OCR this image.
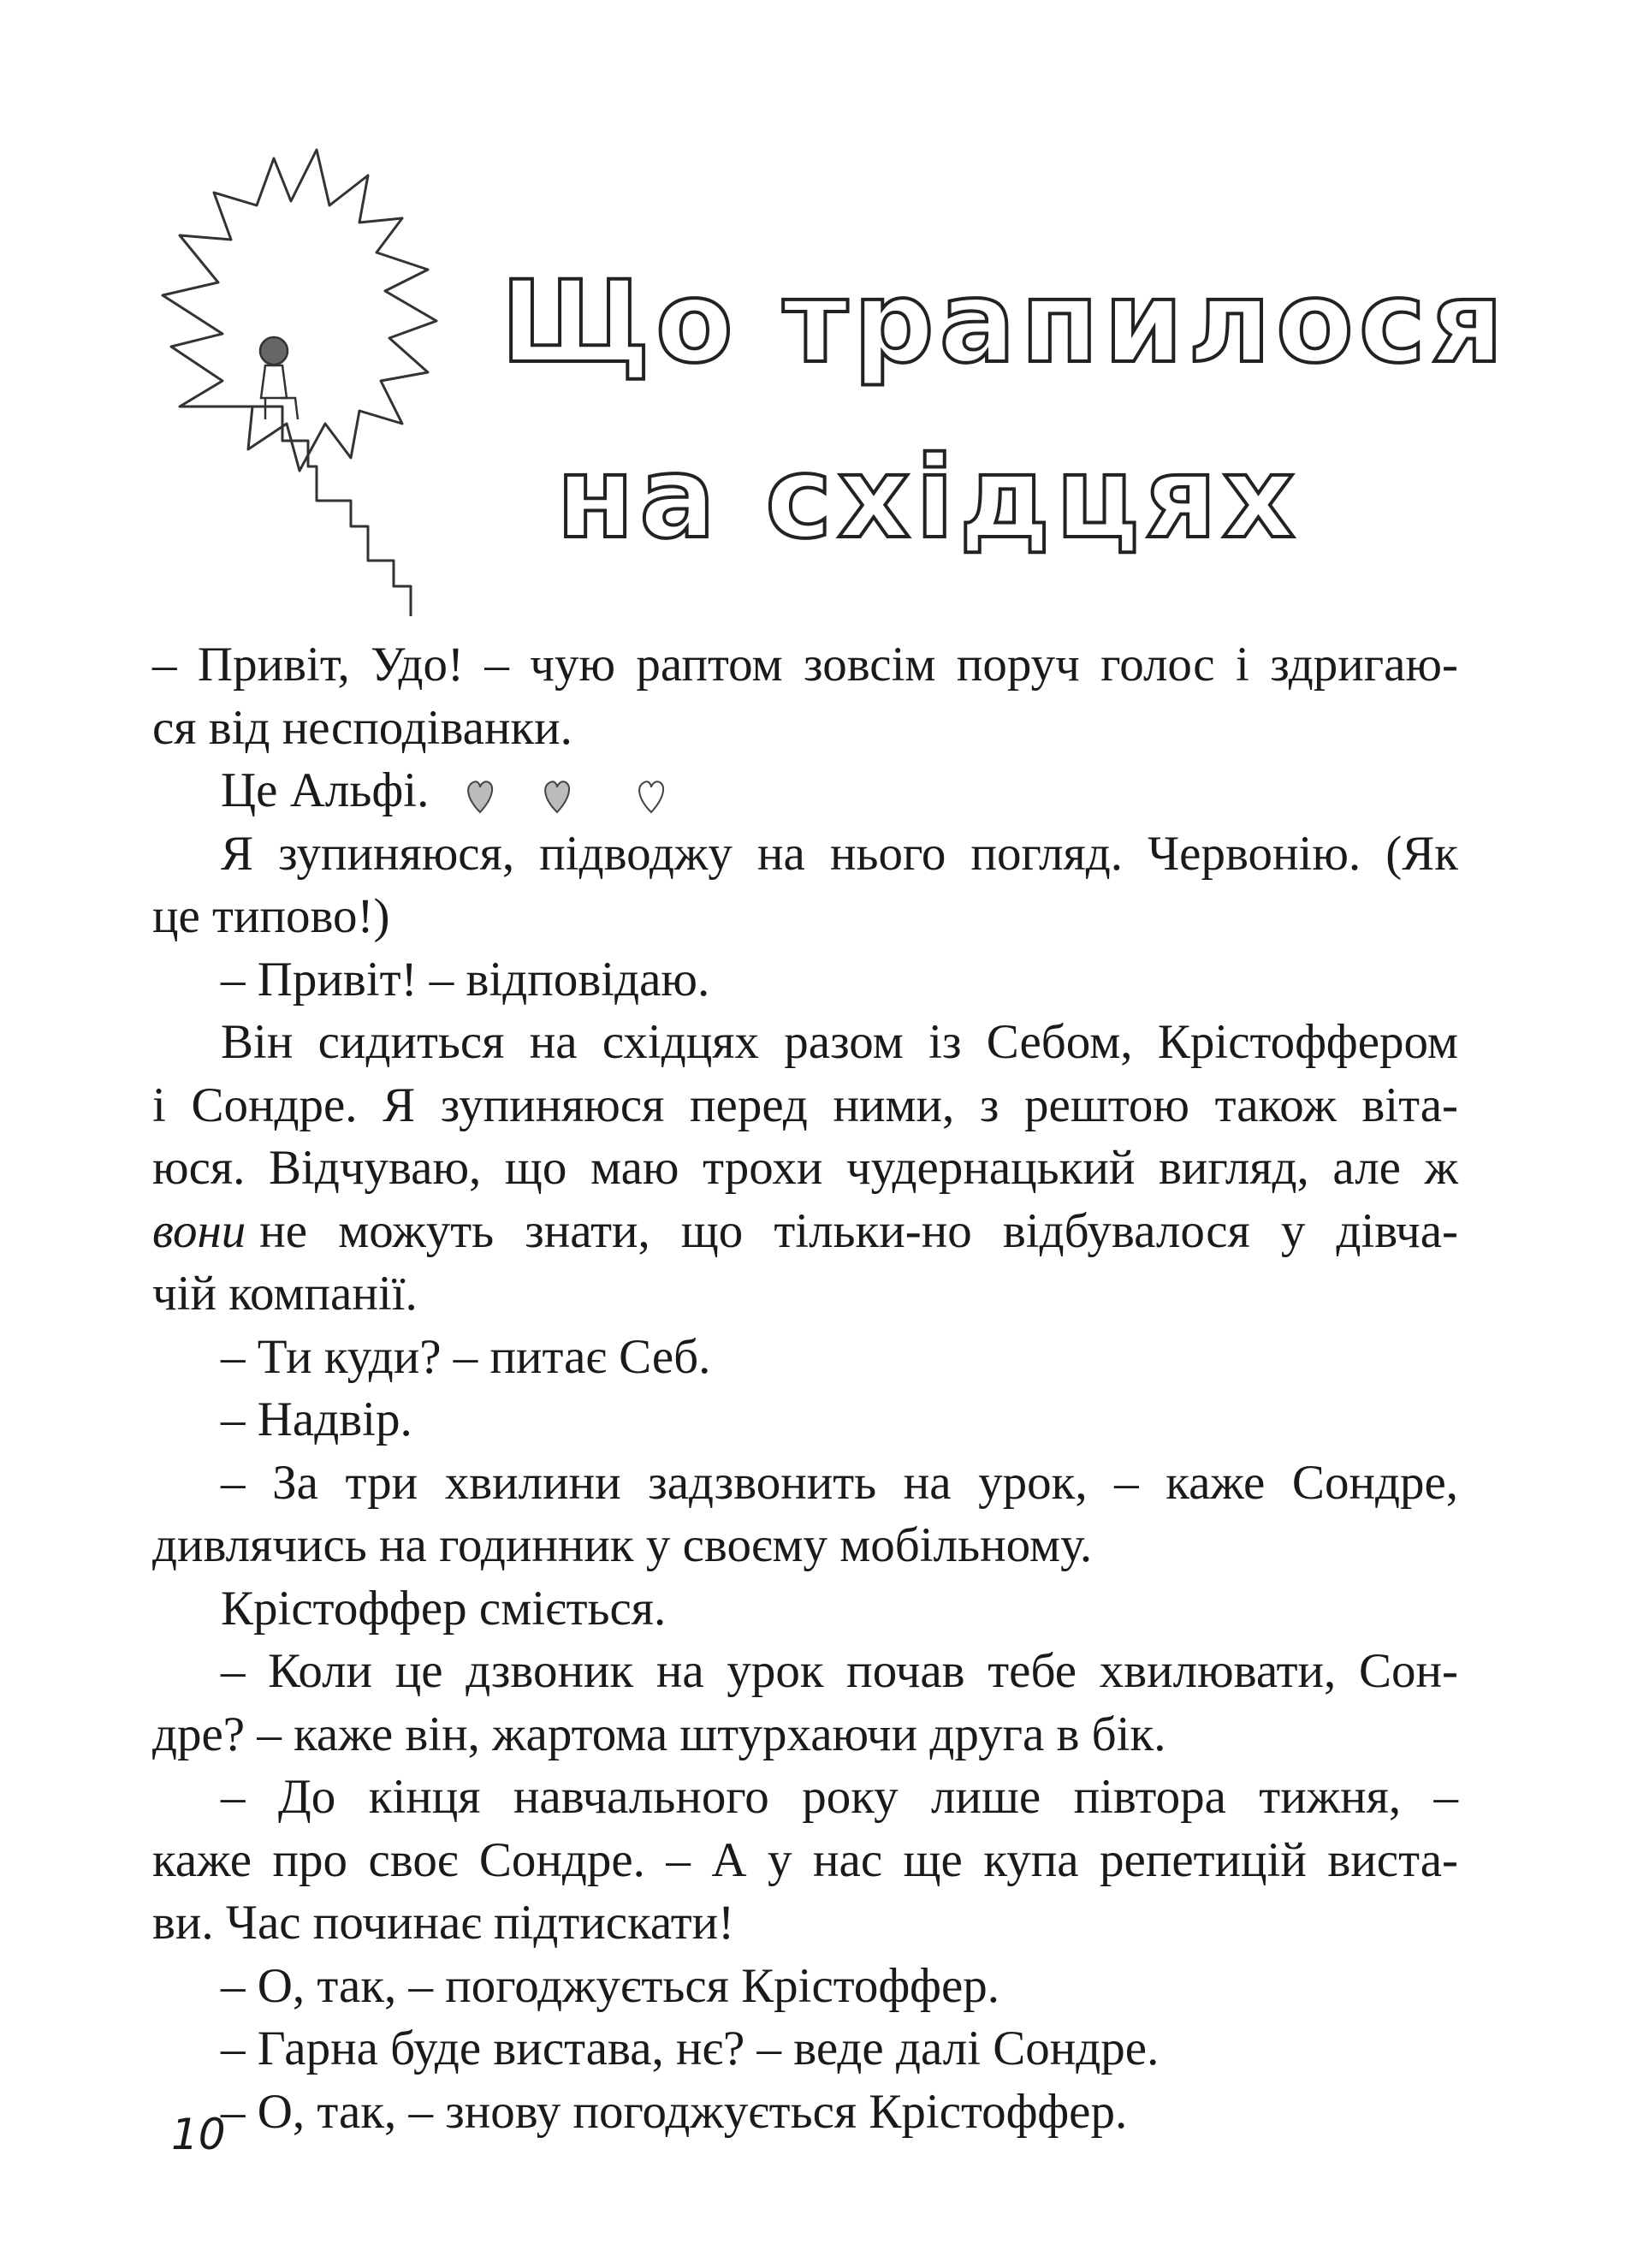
Що трапилося
на східцях
– Привіт, Удо! – чую раптом зовсім поруч голос і здригаю-
ся від несподіванки.
Це Альфі.
Я зупиняюся, підводжу на нього погляд. Червонію. (Як
це типово!)
– Привіт! – відповідаю.
Він сидиться на східцях разом із Себом, Крістоффером
і Сондре. Я зупиняюся перед ними, з рештою також віта-
юся. Відчуваю, що маю трохи чудернацький вигляд, але ж
вони не можуть знати, що тільки-но відбувалося у дівча-
чій компанії.
– Ти куди? – питає Себ.
– Надвір.
– За три хвилини задзвонить на урок, – каже Сондре,
дивлячись на годинник у своєму мобільному.
Крістоффер сміється.
– Коли це дзвоник на урок почав тебе хвилювати, Сон-
дре? – каже він, жартома штурхаючи друга в бік.
– До кінця навчального року лише півтора тижня, –
каже про своє Сондре. – А у нас ще купа репетицій виста-
ви. Час починає підтискати!
– О, так, – погоджується Крістоффер.
– Гарна буде вистава, нє? – веде далі Сондре.
– О, так, – знову погоджується Крістоффер.
10
